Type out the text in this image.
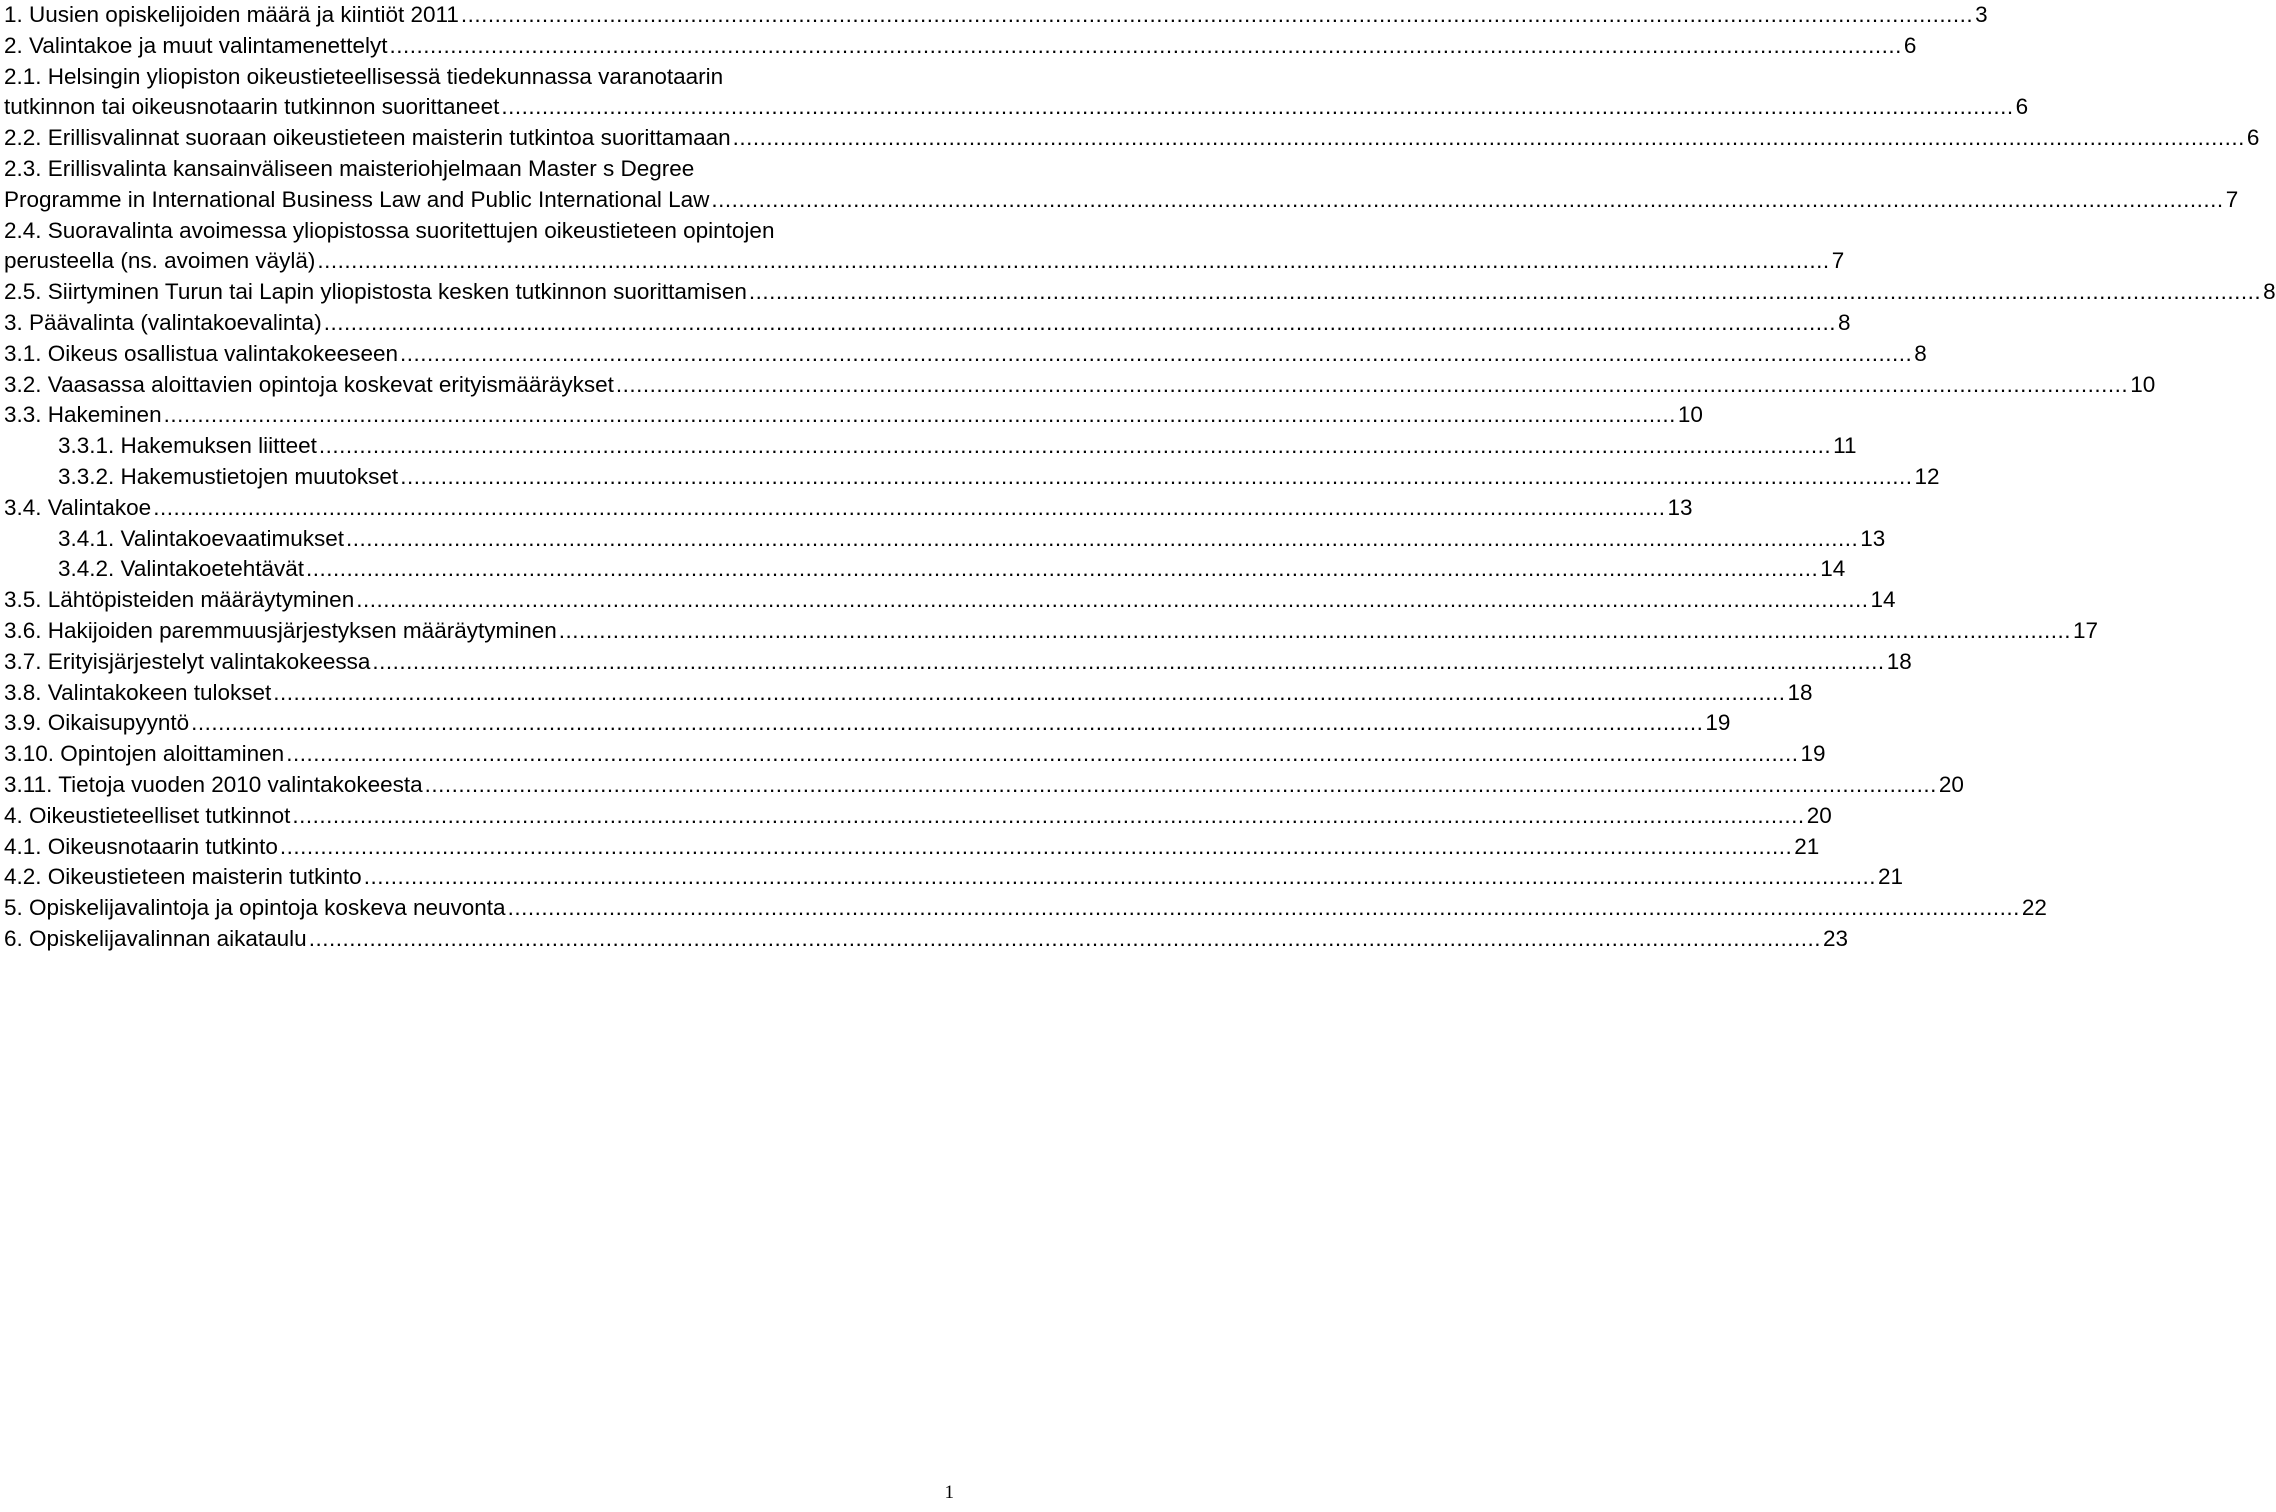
1. Uusien opiskelijoiden määrä ja kiintiöt 2011 .....	3
2. Valintakoe ja muut valintamenettelyt .....	6
2.1. Helsingin yliopiston oikeustieteellisessä tiedekunnassa varanotaarin
tutkinnon tai oikeusnotaarin tutkinnon suorittaneet .....	6
2.2. Erillisvalinnat suoraan oikeustieteen maisterin tutkintoa suorittamaan .....	6
2.3. Erillisvalinta kansainväliseen maisteriohjelmaan Master s Degree
Programme in International Business Law and Public International Law .....	7
2.4. Suoravalinta avoimessa yliopistossa suoritettujen oikeustieteen opintojen
perusteella (ns. avoimen väylä) .....	7
2.5. Siirtyminen Turun tai Lapin yliopistosta kesken tutkinnon suorittamisen .....	8
3. Päävalinta (valintakoevalinta) .....	8
3.1. Oikeus osallistua valintakokeeseen .....	8
3.2. Vaasassa aloittavien opintoja koskevat erityismääräykset .....	10
3.3. Hakeminen .....	10
3.3.1. Hakemuksen liitteet .....	11
3.3.2. Hakemustietojen muutokset .....	12
3.4. Valintakoe .....	13
3.4.1. Valintakoevaatimukset .....	13
3.4.2. Valintakoetehtävät .....	14
3.5. Lähtöpisteiden määräytyminen .....	14
3.6. Hakijoiden paremmuusjärjestyksen määräytyminen .....	17
3.7. Erityisjärjestelyt valintakokeessa .....	18
3.8. Valintakokeen tulokset .....	18
3.9. Oikaisupyyntö .....	19
3.10. Opintojen aloittaminen .....	19
3.11. Tietoja vuoden 2010 valintakokeesta .....	20
4. Oikeustieteelliset tutkinnot .....	20
4.1. Oikeusnotaarin tutkinto .....	21
4.2. Oikeustieteen maisterin tutkinto .....	21
5. Opiskelijavalintoja ja opintoja koskeva neuvonta .....	22
6. Opiskelijavalinnan aikataulu .....	23
1
